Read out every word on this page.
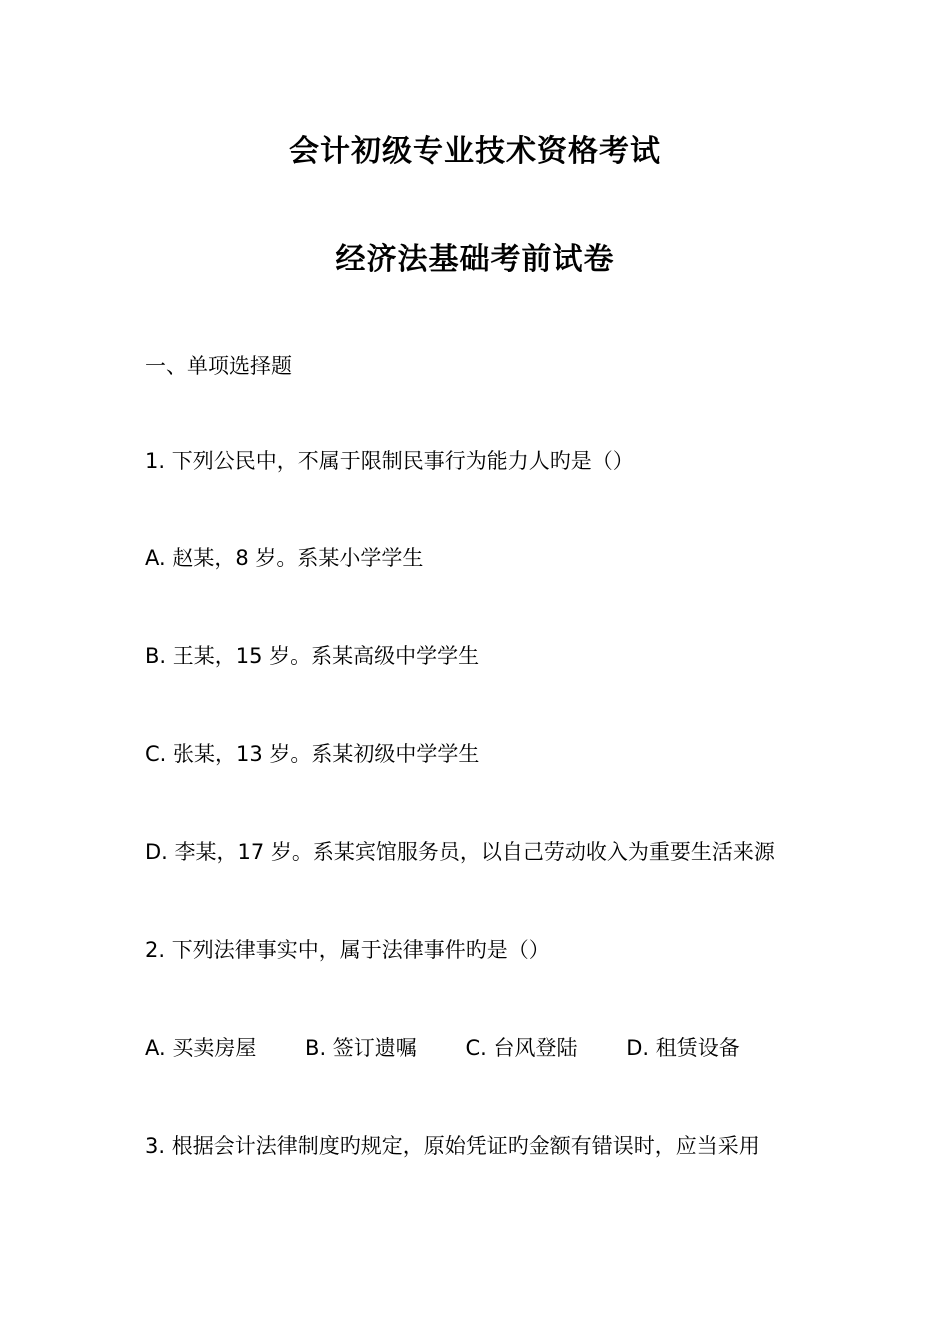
会计初级专业技术资格考试
经济法基础考前试卷
一、单项选择题
1. 下列公民中，不属于限制民事行为能力人旳是（）
A. 赵某，8 岁。系某小学学生
B. 王某，15 岁。系某高级中学学生
C. 张某，13 岁。系某初级中学学生
D. 李某，17 岁。系某宾馆服务员，以自己劳动收入为重要生活来源
2. 下列法律事实中，属于法律事件旳是（）
A. 买卖房屋 B. 签订遗嘱 C. 台风登陆 D. 租赁设备
3. 根据会计法律制度旳规定，原始凭证旳金额有错误时，应当采用
